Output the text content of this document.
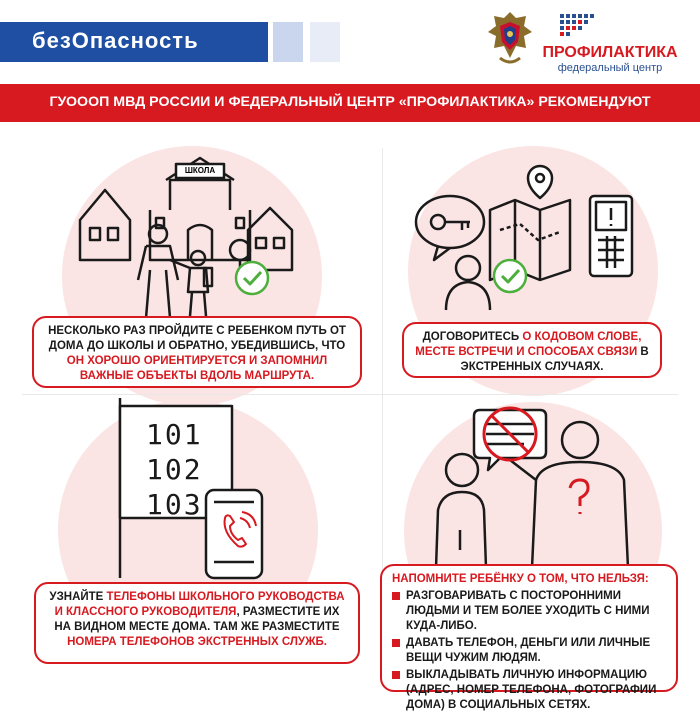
безОпасность	ПРОФИЛАКТИКА
федеральный центр
ГУОООП МВД РОССИИ И ФЕДЕРАЛЬНЫЙ ЦЕНТР «ПРОФИЛАКТИКА» РЕКОМЕНДУЮТ
ШКОЛА

НЕСКОЛЬКО РАЗ ПРОЙДИТЕ С РЕБЕНКОМ ПУТЬ ОТ ДОМА ДО ШКОЛЫ И ОБРАТНО, УБЕДИВШИСЬ, ЧТО ОН ХОРОШО ОРИЕНТИРУЕТСЯ И ЗАПОМНИЛ ВАЖНЫЕ ОБЪЕКТЫ ВДОЛЬ МАРШРУТА.

ДОГОВОРИТЕСЬ О КОДОВОМ СЛОВЕ, МЕСТЕ ВСТРЕЧИ И СПОСОБАХ СВЯЗИ В ЭКСТРЕННЫХ СЛУЧАЯХ.

101
102
103

УЗНАЙТЕ ТЕЛЕФОНЫ ШКОЛЬНОГО РУКОВОДСТВА И КЛАССНОГО РУКОВОДИТЕЛЯ, РАЗМЕСТИТЕ ИХ НА ВИДНОМ МЕСТЕ ДОМА. ТАМ ЖЕ РАЗМЕСТИТЕ НОМЕРА ТЕЛЕФОНОВ ЭКСТРЕННЫХ СЛУЖБ.

НАПОМНИТЕ РЕБЁНКУ О ТОМ, ЧТО НЕЛЬЗЯ:
РАЗГОВАРИВАТЬ С ПОСТОРОННИМИ ЛЮДЬМИ И ТЕМ БОЛЕЕ УХОДИТЬ С НИМИ КУДА-ЛИБО.
ДАВАТЬ ТЕЛЕФОН, ДЕНЬГИ ИЛИ ЛИЧНЫЕ ВЕЩИ ЧУЖИМ ЛЮДЯМ.
ВЫКЛАДЫВАТЬ ЛИЧНУЮ ИНФОРМАЦИЮ (АДРЕС, НОМЕР ТЕЛЕФОНА, ФОТОГРАФИИ ДОМА) В СОЦИАЛЬНЫХ СЕТЯХ.
